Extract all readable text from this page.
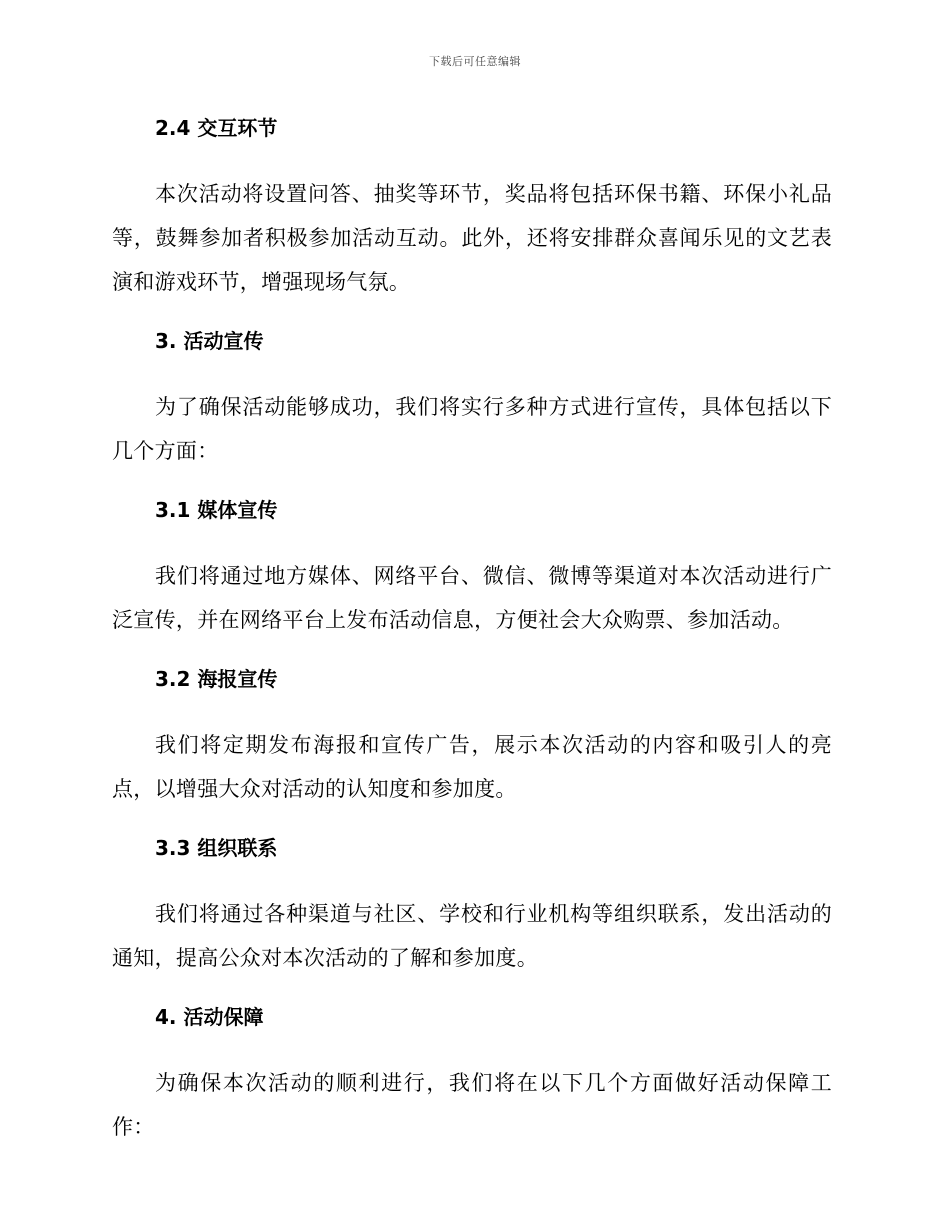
下载后可任意编辑
2.4 交互环节

本次活动将设置问答、抽奖等环节，奖品将包括环保书籍、环保小礼品等，鼓舞参加者积极参加活动互动。此外，还将安排群众喜闻乐见的文艺表演和游戏环节，增强现场气氛。

3. 活动宣传

为了确保活动能够成功，我们将实行多种方式进行宣传，具体包括以下几个方面：

3.1 媒体宣传

我们将通过地方媒体、网络平台、微信、微博等渠道对本次活动进行广泛宣传，并在网络平台上发布活动信息，方便社会大众购票、参加活动。

3.2 海报宣传

我们将定期发布海报和宣传广告，展示本次活动的内容和吸引人的亮点，以增强大众对活动的认知度和参加度。

3.3 组织联系

我们将通过各种渠道与社区、学校和行业机构等组织联系，发出活动的通知，提高公众对本次活动的了解和参加度。

4. 活动保障

为确保本次活动的顺利进行，我们将在以下几个方面做好活动保障工作：
